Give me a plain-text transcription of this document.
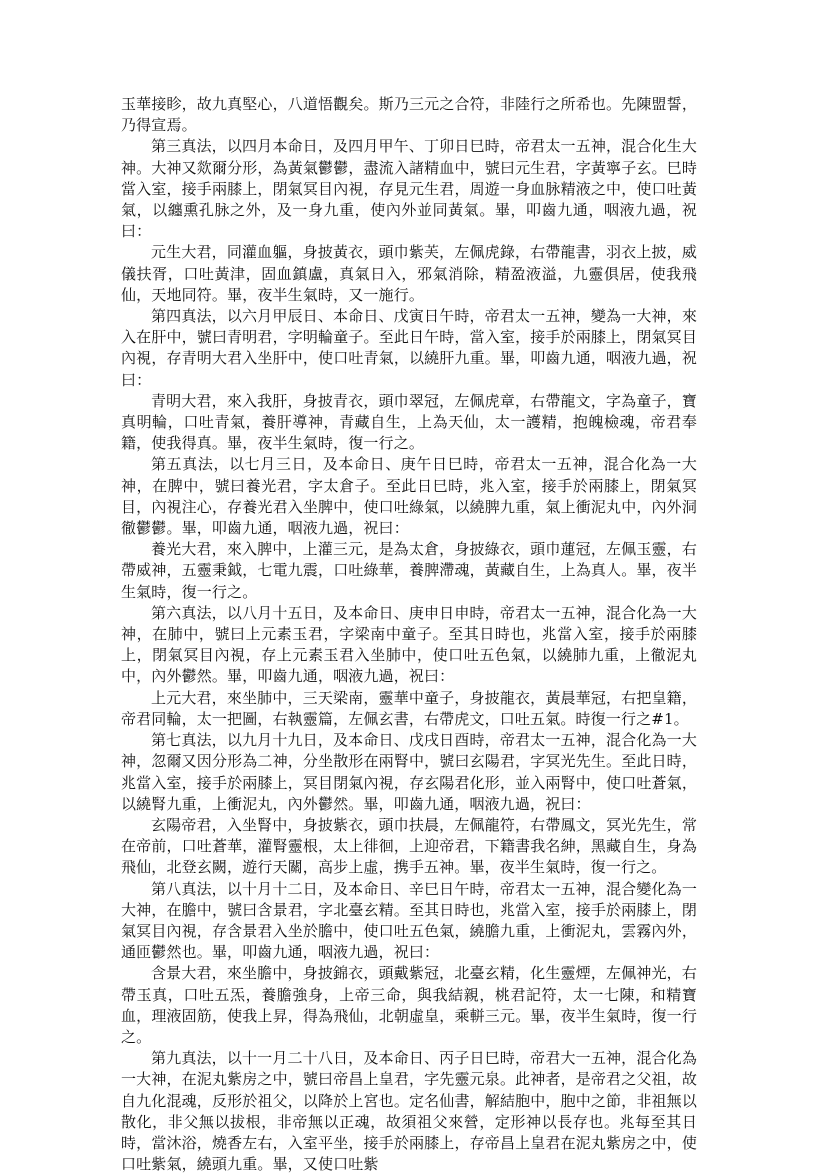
玉華接眕，故九真堅心，八道悟觀矣。斯乃三元之合符，非陸行之所希也。先陳盟誓，乃得宣焉。

第三真法，以四月本命日，及四月甲午、丁卯日巳時，帝君太一五神，混合化生大神。大神又欻爾分形，為黃氣鬱鬱，盡流入諸精血中，號曰元生君，字黃寧子玄。巳時當入室，接手兩膝上，閉氣冥目內視，存見元生君，周遊一身血脉精液之中，使口吐黃氣，以纏熏孔脉之外，及一身九重，使內外並同黃氣。畢，叩齒九通，咽液九過，祝曰：

元生大君，同灌血軀，身披黃衣，頭巾紫芙，左佩虎錄，右帶龍書，羽衣上披，威儀扶胥，口吐黃津，固血鎮盧，真氣日入，邪氣消除，精盈液溢，九靈俱居，使我飛仙，天地同符。畢，夜半生氣時，又一施行。

第四真法，以六月甲辰日、本命日、戊寅日午時，帝君太一五神，變為一大神，來入在肝中，號曰青明君，字明輪童子。至此日午時，當入室，接手於兩膝上，閉氣冥目內視，存青明大君入坐肝中，使口吐青氣，以繞肝九重。畢，叩齒九通，咽液九過，祝曰：

青明大君，來入我肝，身披青衣，頭巾翠冠，左佩虎章，右帶龍文，字為童子，寶真明輪，口吐青氣，養肝導神，青藏自生，上為天仙，太一護精，抱魄檢魂，帝君奉籍，使我得真。畢，夜半生氣時，復一行之。

第五真法，以七月三日，及本命日、庚午日巳時，帝君太一五神，混合化為一大神，在脾中，號曰養光君，字太倉子。至此日巳時，兆入室，接手於兩膝上，閉氣冥目，內視注心，存養光君入坐脾中，使口吐綠氣，以繞脾九重，氣上衝泥丸中，內外洞徹鬱鬱。畢，叩齒九通，咽液九過，祝曰：

養光大君，來入脾中，上灌三元，是為太倉，身披綠衣，頭巾蓮冠，左佩玉靈，右帶威神，五靈秉鉞，七電九震，口吐綠華，養脾滯魂，黃藏自生，上為真人。畢，夜半生氣時，復一行之。

第六真法，以八月十五日，及本命日、庚申日申時，帝君太一五神，混合化為一大神，在肺中，號曰上元素玉君，字梁南中童子。至其日時也，兆當入室，接手於兩膝上，閉氣冥目內視，存上元素玉君入坐肺中，使口吐五色氣，以繞肺九重，上徹泥丸中，內外鬱然。畢，叩齒九通，咽液九過，祝曰：

上元大君，來坐肺中，三天梁南，靈華中童子，身披龍衣，黃晨華冠，右把皇籍，帝君同輪，太一把圖，右執靈篇，左佩玄書，右帶虎文，口吐五氣。時復一行之#1。

第七真法，以九月十九日，及本命日、戊戌日酉時，帝君太一五神，混合化為一大神，忽爾又因分形為二神，分坐散形在兩腎中，號曰玄陽君，字冥光先生。至此日時，兆當入室，接手於兩膝上，冥目閉氣內視，存玄陽君化形，並入兩腎中，使口吐蒼氣，以繞腎九重，上衝泥丸，內外鬱然。畢，叩齒九通，咽液九過，祝曰：

玄陽帝君，入坐腎中，身披紫衣，頭巾扶晨，左佩龍符，右帶鳳文，冥光先生，常在帝前，口吐蒼華，灌腎靈根，太上徘徊，上迎帝君，下籍書我名紳，黑藏自生，身為飛仙，北登玄闕，遊行天關，高步上虛，携手五神。畢，夜半生氣時，復一行之。

第八真法，以十月十二日，及本命日、辛巳日午時，帝君太一五神，混合變化為一大神，在膽中，號曰含景君，字北臺玄精。至其日時也，兆當入室，接手於兩膝上，閉氣冥目內視，存含景君入坐於膽中，使口吐五色氣，繞膽九重，上衝泥丸，雲霧內外，通匝鬱然也。畢，叩齒九通，咽液九過，祝曰：

含景大君，來坐膽中，身披錦衣，頭戴紫冠，北臺玄精，化生靈煙，左佩神光，右帶玉真，口吐五炁，養膽強身，上帝三命，與我結親，桃君記符，太一七陳，和精寶血，理液固筋，使我上昇，得為飛仙，北朝虛皇，乘軿三元。畢，夜半生氣時，復一行之。

第九真法，以十一月二十八日，及本命日、丙子日巳時，帝君大一五神，混合化為一大神，在泥丸紫房之中，號曰帝昌上皇君，字先靈元泉。此神者，是帝君之父祖，故自九化混魂，反形於祖父，以降於上宮也。定名仙書，解結胞中，胞中之節，非祖無以散化，非父無以拔根，非帝無以正魂，故須祖父來營，定形神以長存也。兆每至其日時，當沐浴，燒香左右，入室平坐，接手於兩膝上，存帝昌上皇君在泥丸紫房之中，使口吐紫氣，繞頭九重。畢，又使口吐紫
